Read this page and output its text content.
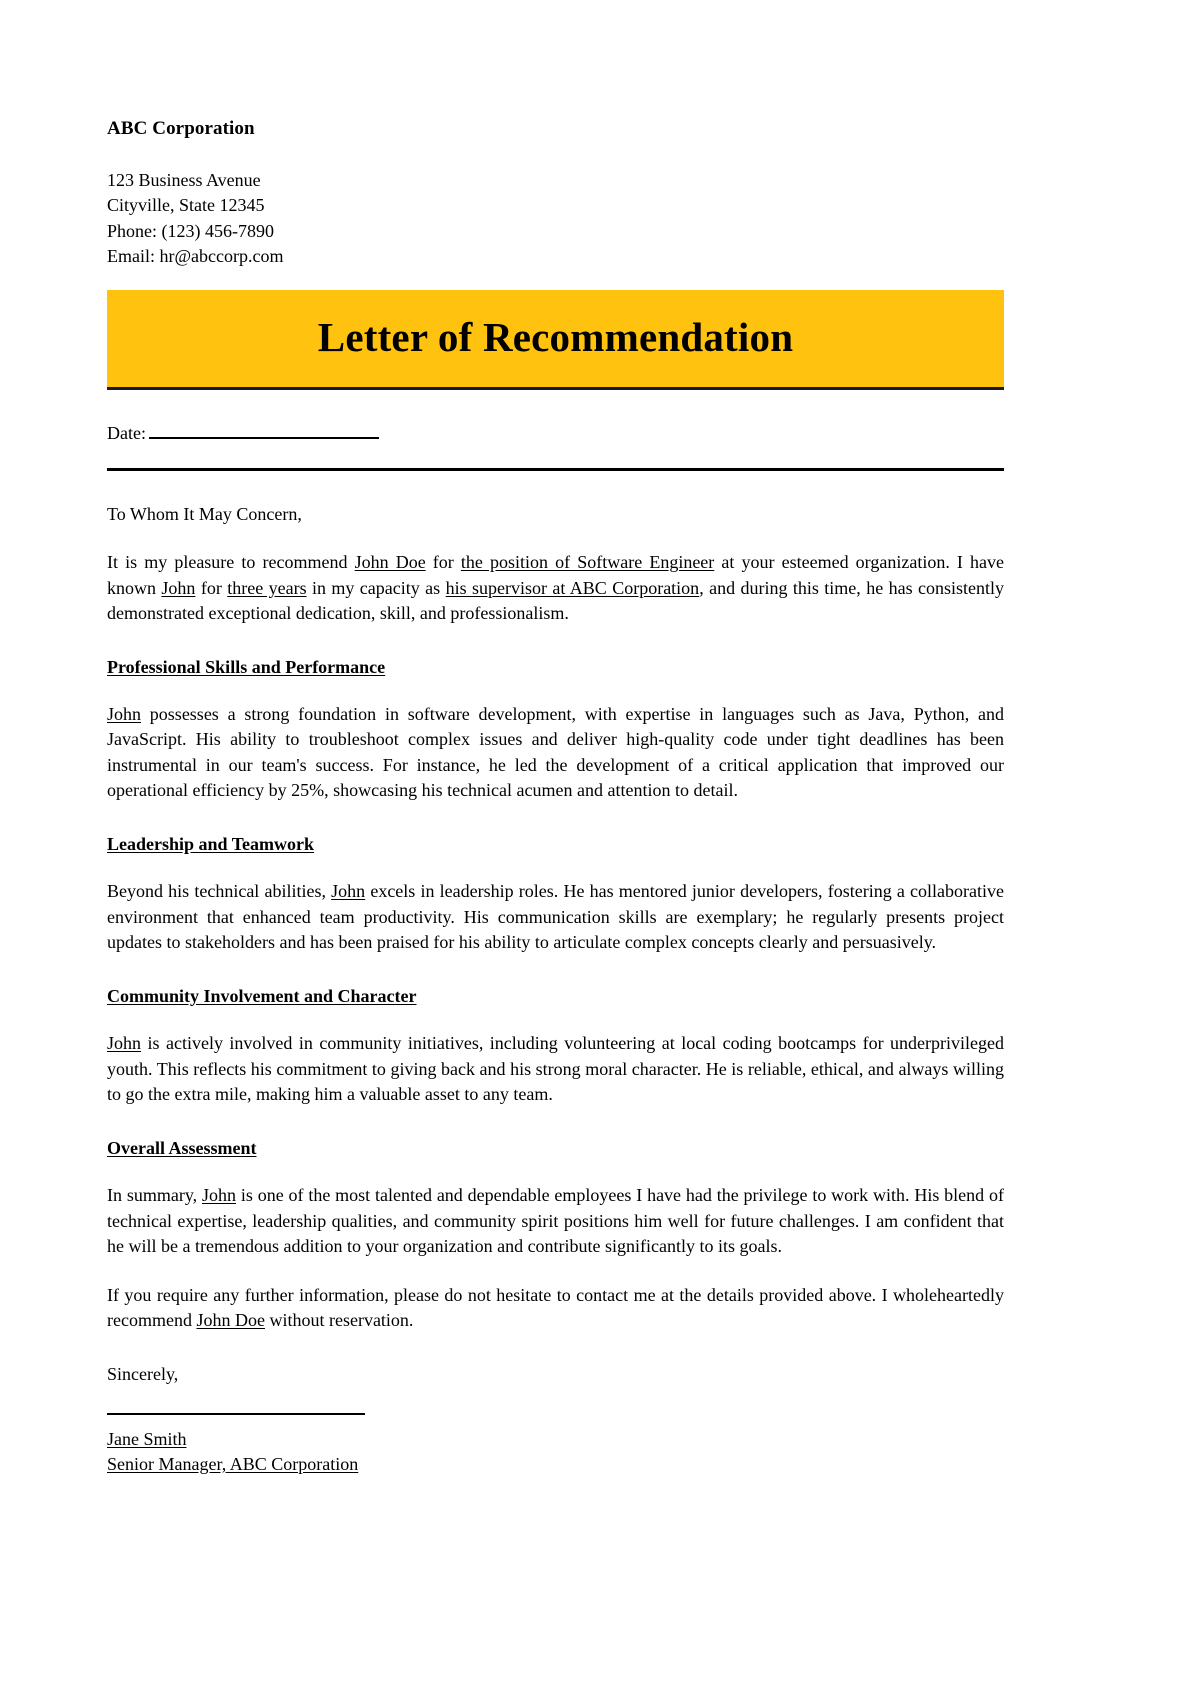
ABC Corporation
123 Business Avenue
Cityville, State 12345
Phone: (123) 456-7890
Email: hr@abccorp.com
Letter of Recommendation
Date:
To Whom It May Concern,

It is my pleasure to recommend John Doe for the position of Software Engineer at your esteemed organization. I have known John for three years in my capacity as his supervisor at ABC Corporation, and during this time, he has consistently demonstrated exceptional dedication, skill, and professionalism.

Professional Skills and Performance

John possesses a strong foundation in software development, with expertise in languages such as Java, Python, and JavaScript. His ability to troubleshoot complex issues and deliver high-quality code under tight deadlines has been instrumental in our team's success. For instance, he led the development of a critical application that improved our operational efficiency by 25%, showcasing his technical acumen and attention to detail.

Leadership and Teamwork

Beyond his technical abilities, John excels in leadership roles. He has mentored junior developers, fostering a collaborative environment that enhanced team productivity. His communication skills are exemplary; he regularly presents project updates to stakeholders and has been praised for his ability to articulate complex concepts clearly and persuasively.

Community Involvement and Character

John is actively involved in community initiatives, including volunteering at local coding bootcamps for underprivileged youth. This reflects his commitment to giving back and his strong moral character. He is reliable, ethical, and always willing to go the extra mile, making him a valuable asset to any team.

Overall Assessment

In summary, John is one of the most talented and dependable employees I have had the privilege to work with. His blend of technical expertise, leadership qualities, and community spirit positions him well for future challenges. I am confident that he will be a tremendous addition to your organization and contribute significantly to its goals.

If you require any further information, please do not hesitate to contact me at the details provided above. I wholeheartedly recommend John Doe without reservation.

Sincerely,
Jane Smith
Senior Manager, ABC Corporation
